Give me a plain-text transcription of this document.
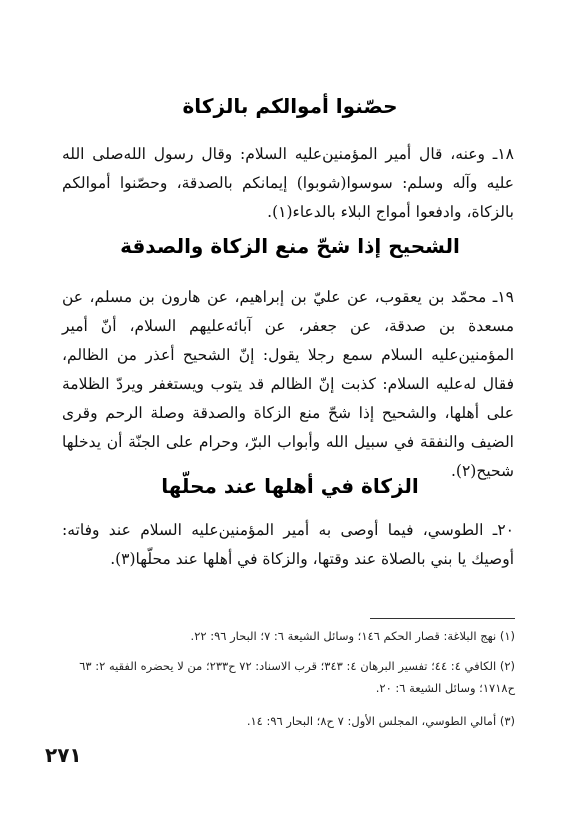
حصّنوا أموالكم بالزكاة
١٨ـ وعنه، قال أمير المؤمنين‌عليه السلام: وقال رسول الله‌صلى الله عليه وآله وسلم: سوسوا(شوبوا) إيمانكم بالصدقة، وحصّنوا أموالكم بالزكاة، وادفعوا أمواج البلاء بالدعاء(١).
الشحيح إذا شحّ منع الزكاة والصدقة
١٩ـ محمّد بن يعقوب، عن عليّ بن إبراهيم، عن هارون بن مسلم، عن مسعدة بن صدقة، عن جعفر، عن آبائه‌عليهم السلام، أنّ أمير المؤمنين‌عليه السلام سمع رجلا يقول: إنّ الشحيح أعذر من الظالم، فقال له‌عليه السلام: كذبت إنّ الظالم قد يتوب ويستغفر ويردّ الظلامة على أهلها، والشحيح إذا شحّ منع الزكاة والصدقة وصلة الرحم وقرى الضيف والنفقة في سبيل الله وأبواب البرّ، وحرام على الجنّة أن يدخلها شحيح(٢).
الزكاة في أهلها عند محلّها
٢٠ـ الطوسي، فيما أوصى به أمير المؤمنين‌عليه السلام عند وفاته: أوصيك يا بني بالصلاة عند وقتها، والزكاة في أهلها عند محلّها(٣).
(١) نهج البلاغة: قصار الحكم ١٤٦؛ وسائل الشيعة ٦: ٧؛ البحار ٩٦: ٢٢.
(٢) الكافي ٤: ٤٤؛ تفسير البرهان ٤: ٣٤٣؛ قرب الاسناد: ٧٢ ح٢٣٣؛ من لا يحضره الفقيه ٢: ٦٣ ح١٧١٨؛ وسائل الشيعة ٦: ٢٠.
(٣) أمالي الطوسي، المجلس الأول: ٧ ح٨؛ البحار ٩٦: ١٤.
٢٧١
